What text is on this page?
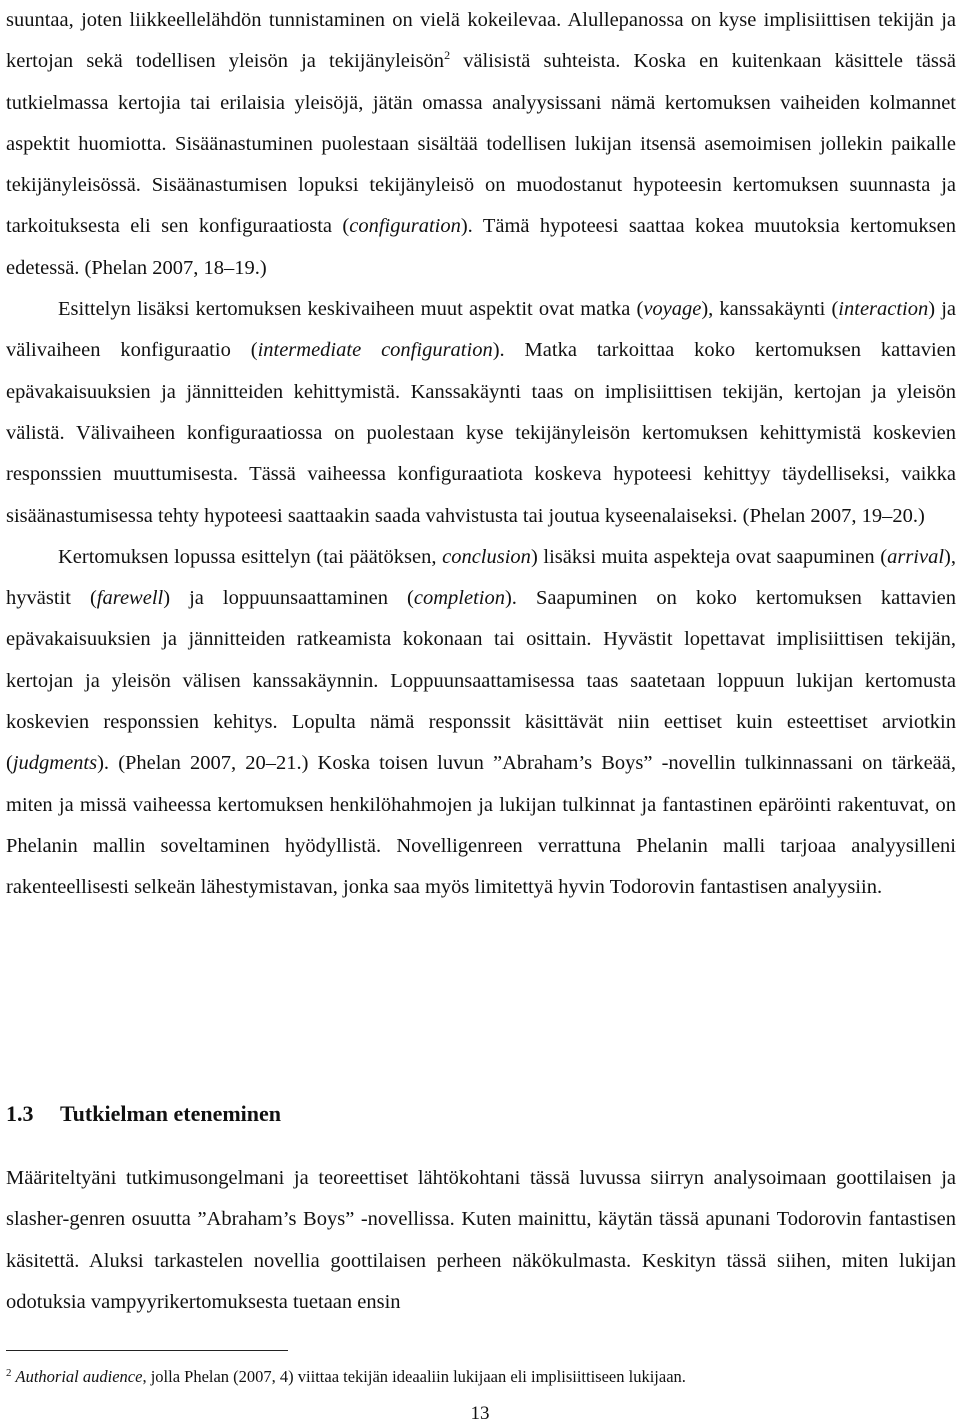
suuntaa, joten liikkeellelähdön tunnistaminen on vielä kokeilevaa. Alullepanossa on kyse implisiittisen tekijän ja kertojan sekä todellisen yleisön ja tekijänyleisön$^2$ välisistä suhteista. Koska en kuitenkaan käsittele tässä tutkielmassa kertojia tai erilaisia yleisöjä, jätän omassa analyysissani nämä kertomuksen vaiheiden kolmannet aspektit huomiotta. Sisäänastuminen puolestaan sisältää todellisen lukijan itsensä asemoimisen jollekin paikalle tekijänyleisössä. Sisäänastumisen lopuksi tekijänyleisö on muodostanut hypoteesin kertomuksen suunnasta ja tarkoituksesta eli sen konfiguraatiosta (configuration). Tämä hypoteesi saattaa kokea muutoksia kertomuksen edetessä. (Phelan 2007, 18–19.)

Esittelyn lisäksi kertomuksen keskivaiheen muut aspektit ovat matka (voyage), kanssakäynti (interaction) ja välivaiheen konfiguraatio (intermediate configuration). Matka tarkoittaa koko kertomuksen kattavien epävakaisuuksien ja jännitteiden kehittymistä. Kanssakäynti taas on implisiittisen tekijän, kertojan ja yleisön välistä. Välivaiheen konfiguraatiossa on puolestaan kyse tekijänyleisön kertomuksen kehittymistä koskevien responssien muuttumisesta. Tässä vaiheessa konfiguraatiota koskeva hypoteesi kehittyy täydelliseksi, vaikka sisäänastumisessa tehty hypoteesi saattaakin saada vahvistusta tai joutua kyseenalaiseksi. (Phelan 2007, 19–20.)

Kertomuksen lopussa esittelyn (tai päätöksen, conclusion) lisäksi muita aspekteja ovat saapuminen (arrival), hyvästit (farewell) ja loppuunsaattaminen (completion). Saapuminen on koko kertomuksen kattavien epävakaisuuksien ja jännitteiden ratkeamista kokonaan tai osittain. Hyvästit lopettavat implisiittisen tekijän, kertojan ja yleisön välisen kanssakäynnin. Loppuunsaattamisessa taas saatetaan loppuun lukijan kertomusta koskevien responssien kehitys. Lopulta nämä responssit käsittävät niin eettiset kuin esteettiset arviotkin (judgments). (Phelan 2007, 20–21.) Koska toisen luvun ”Abraham’s Boys” -novellin tulkinnassani on tärkeää, miten ja missä vaiheessa kertomuksen henkilöhahmojen ja lukijan tulkinnat ja fantastinen epäröinti rakentuvat, on Phelanin mallin soveltaminen hyödyllistä. Novelligenreen verrattuna Phelanin malli tarjoaa analyysilleni rakenteellisesti selkeän lähestymistavan, jonka saa myös limitettyä hyvin Todorovin fantastisen analyysiin.

1.3 Tutkielman eteneminen

Määriteltyäni tutkimusongelmani ja teoreettiset lähtökohtani tässä luvussa siirryn analysoimaan goottilaisen ja slasher-genren osuutta ”Abraham’s Boys” -novellissa. Kuten mainittu, käytän tässä apunani Todorovin fantastisen käsitettä. Aluksi tarkastelen novellia goottilaisen perheen näkökulmasta. Keskityn tässä siihen, miten lukijan odotuksia vampyyrikertomuksesta tuetaan ensin

$^2$ Authorial audience, jolla Phelan (2007, 4) viittaa tekijän ideaaliin lukijaan eli implisiittiseen lukijaan.
13
